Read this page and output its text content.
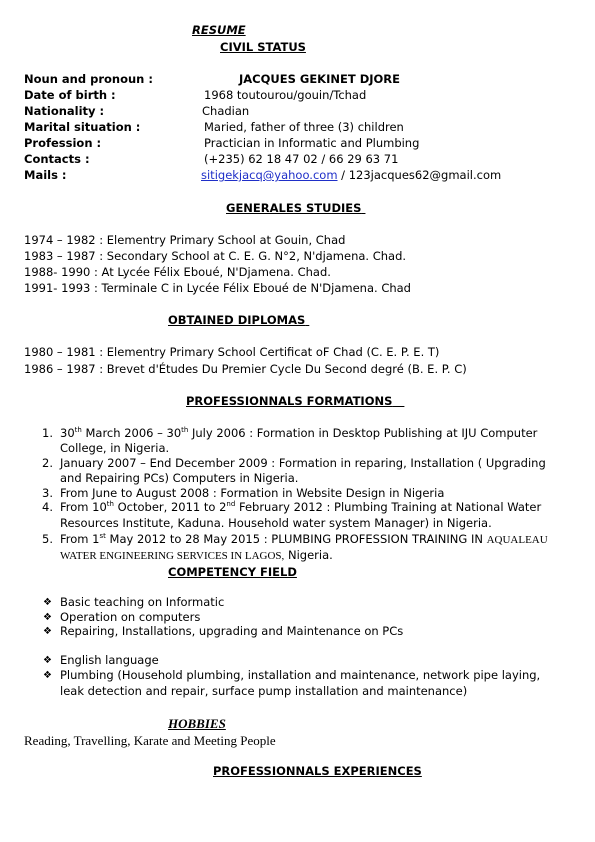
RESUME
CIVIL STATUS
Noun and pronoun :	JACQUES GEKINET DJORE
Date of birth :	1968 toutourou/gouin/Tchad
Nationality :	Chadian
Marital situation :	Maried, father of three (3) children
Profession :	Practician in Informatic and Plumbing
Contacts :	(+235) 62 18 47 02 / 66 29 63 71
Mails :	sitigekjacq@yahoo.com / 123jacques62@gmail.com
GENERALES STUDIES
1974 – 1982 : Elementry Primary School at Gouin, Chad
1983 – 1987 : Secondary School at C. E. G. N°2, N'djamena. Chad.
1988- 1990 : At Lycée Félix Eboué, N'Djamena. Chad.
1991- 1993 : Terminale C in Lycée Félix Eboué de N'Djamena. Chad
OBTAINED DIPLOMAS
1980 – 1981 : Elementry Primary School Certificat oF Chad (C. E. P. E. T)
1986 – 1987 : Brevet d'Études Du Premier Cycle Du Second degré (B. E. P. C)
PROFESSIONNALS FORMATIONS
1. 30th March 2006 – 30th July 2006 : Formation in Desktop Publishing at IJU Computer
College, in Nigeria.
2. January 2007 – End December 2009 : Formation in reparing, Installation ( Upgrading
and Repairing PCs) Computers in Nigeria.
3. From June to August 2008 : Formation in Website Design in Nigeria
4. From 10th October, 2011 to 2nd February 2012 : Plumbing Training at National Water
Resources Institute, Kaduna. Household water system Manager) in Nigeria.
5. From 1st May 2012 to 28 May 2015 : PLUMBING PROFESSION TRAINING IN AQUALEAU
WATER ENGINEERING SERVICES IN LAGOS, Nigeria.
COMPETENCY FIELD
❖ Basic teaching on Informatic
❖ Operation on computers
❖ Repairing, Installations, upgrading and Maintenance on PCs
❖ English language
❖ Plumbing (Household plumbing, installation and maintenance, network pipe laying,
leak detection and repair, surface pump installation and maintenance)
HOBBIES
Reading, Travelling, Karate and Meeting People
PROFESSIONNALS EXPERIENCES
